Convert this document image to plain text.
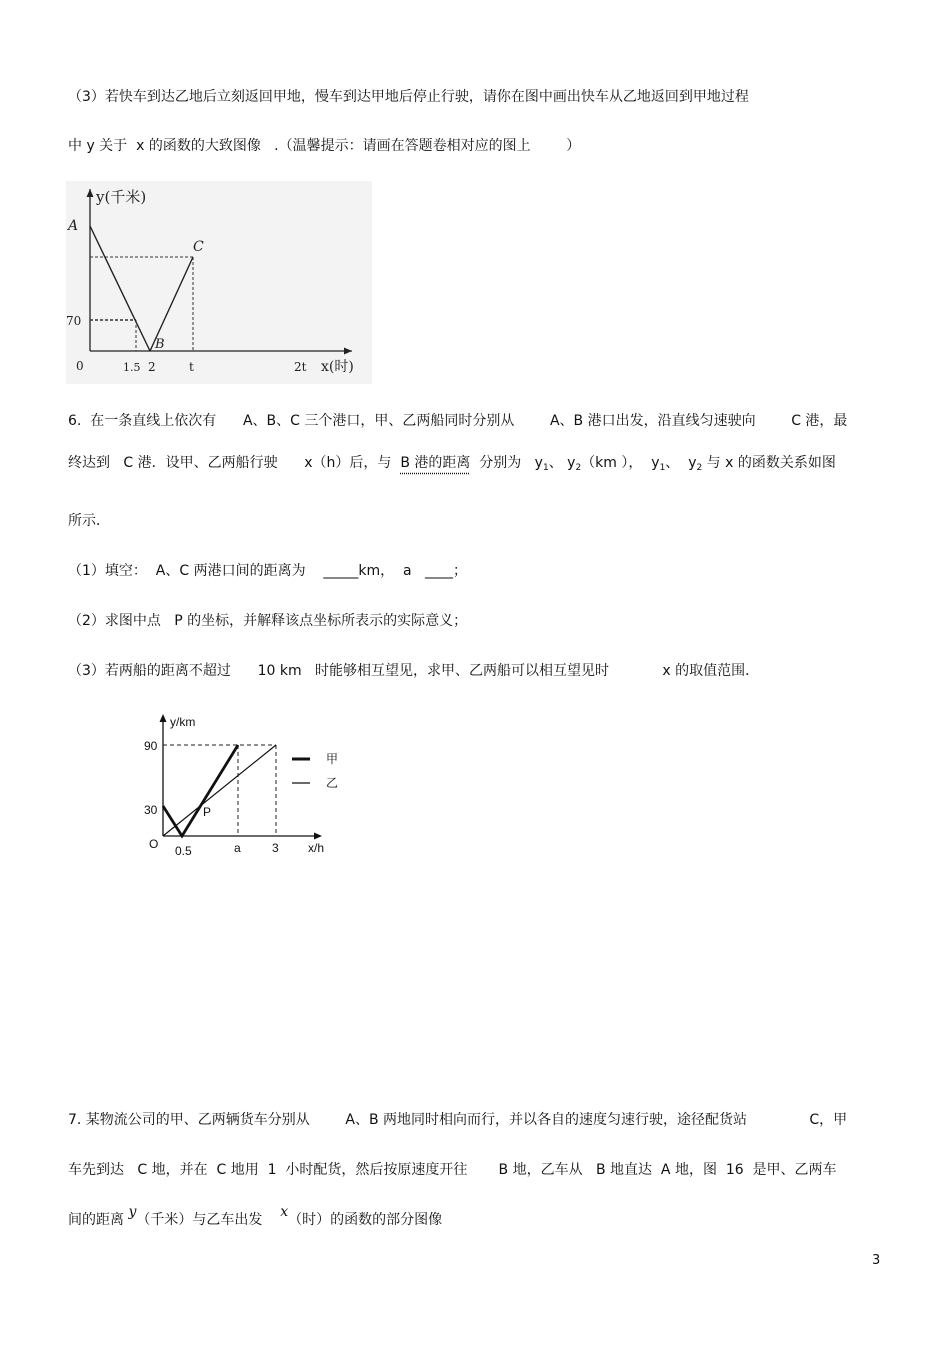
（3）若快车到达乙地后立刻返回甲地，慢车到达甲地后停止行驶，请你在图中画出快车从乙地返回到甲地过程
中 y 关于  x 的函数的大致图像   .（温馨提示：请画在答题卷相对应的图上        ）
y(千米)
A
C
B
70
0	1.5 2	t	2t x(时)
6.  在一条直线上依次有      A、B、C 三个港口，甲、乙两船同时分别从        A、B 港口出发，沿直线匀速驶向        C 港，最
终达到   C 港．设甲、乙两船行驶      x（h）后，与  B 港的距离  分别为   $y_1$、 $y_2(km$ ），  $y_1$、  $y_2$ 与 x 的函数关系如图
所示．
（1）填空：  A、C 两港口间的距离为    _____km，  a   ____；
（2）求图中点   P 的坐标，并解释该点坐标所表示的实际意义；
（3）若两船的距离不超过      10 km   时能够相互望见，求甲、乙两船可以相互望见时            x 的取值范围．
甲
乙
y/km
90
30
O 0.5	a	3 x/h
P
7. 某物流公司的甲、乙两辆货车分别从        A、B 两地同时相向而行，并以各自的速度匀速行驶，途径配货站              C，甲
车先到达   C 地，并在  C 地用  1  小时配货，然后按原速度开往       B 地，乙车从   B 地直达  A 地，图  16  是甲、乙两车
间的距离 y（千米）与乙车出发    x（时）的函数的部分图像
3
